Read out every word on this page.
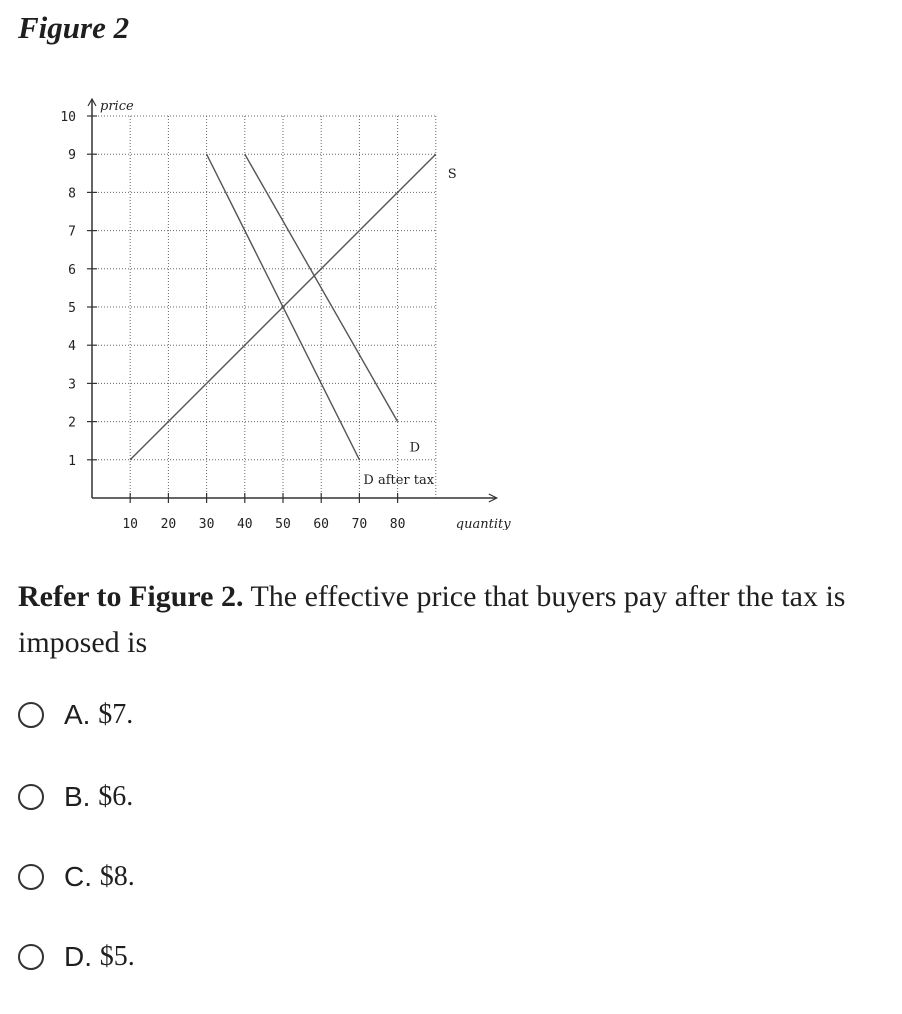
Figure 2
1
2
3
4
5
6
7
8
9
10
10 20 30 40 50 60 70 80
price
quantity
S
D
D after tax

Refer to Figure 2. The effective price that buyers pay after the tax is imposed is

A. $7.
B. $6.
C. $8.
D. $5.
